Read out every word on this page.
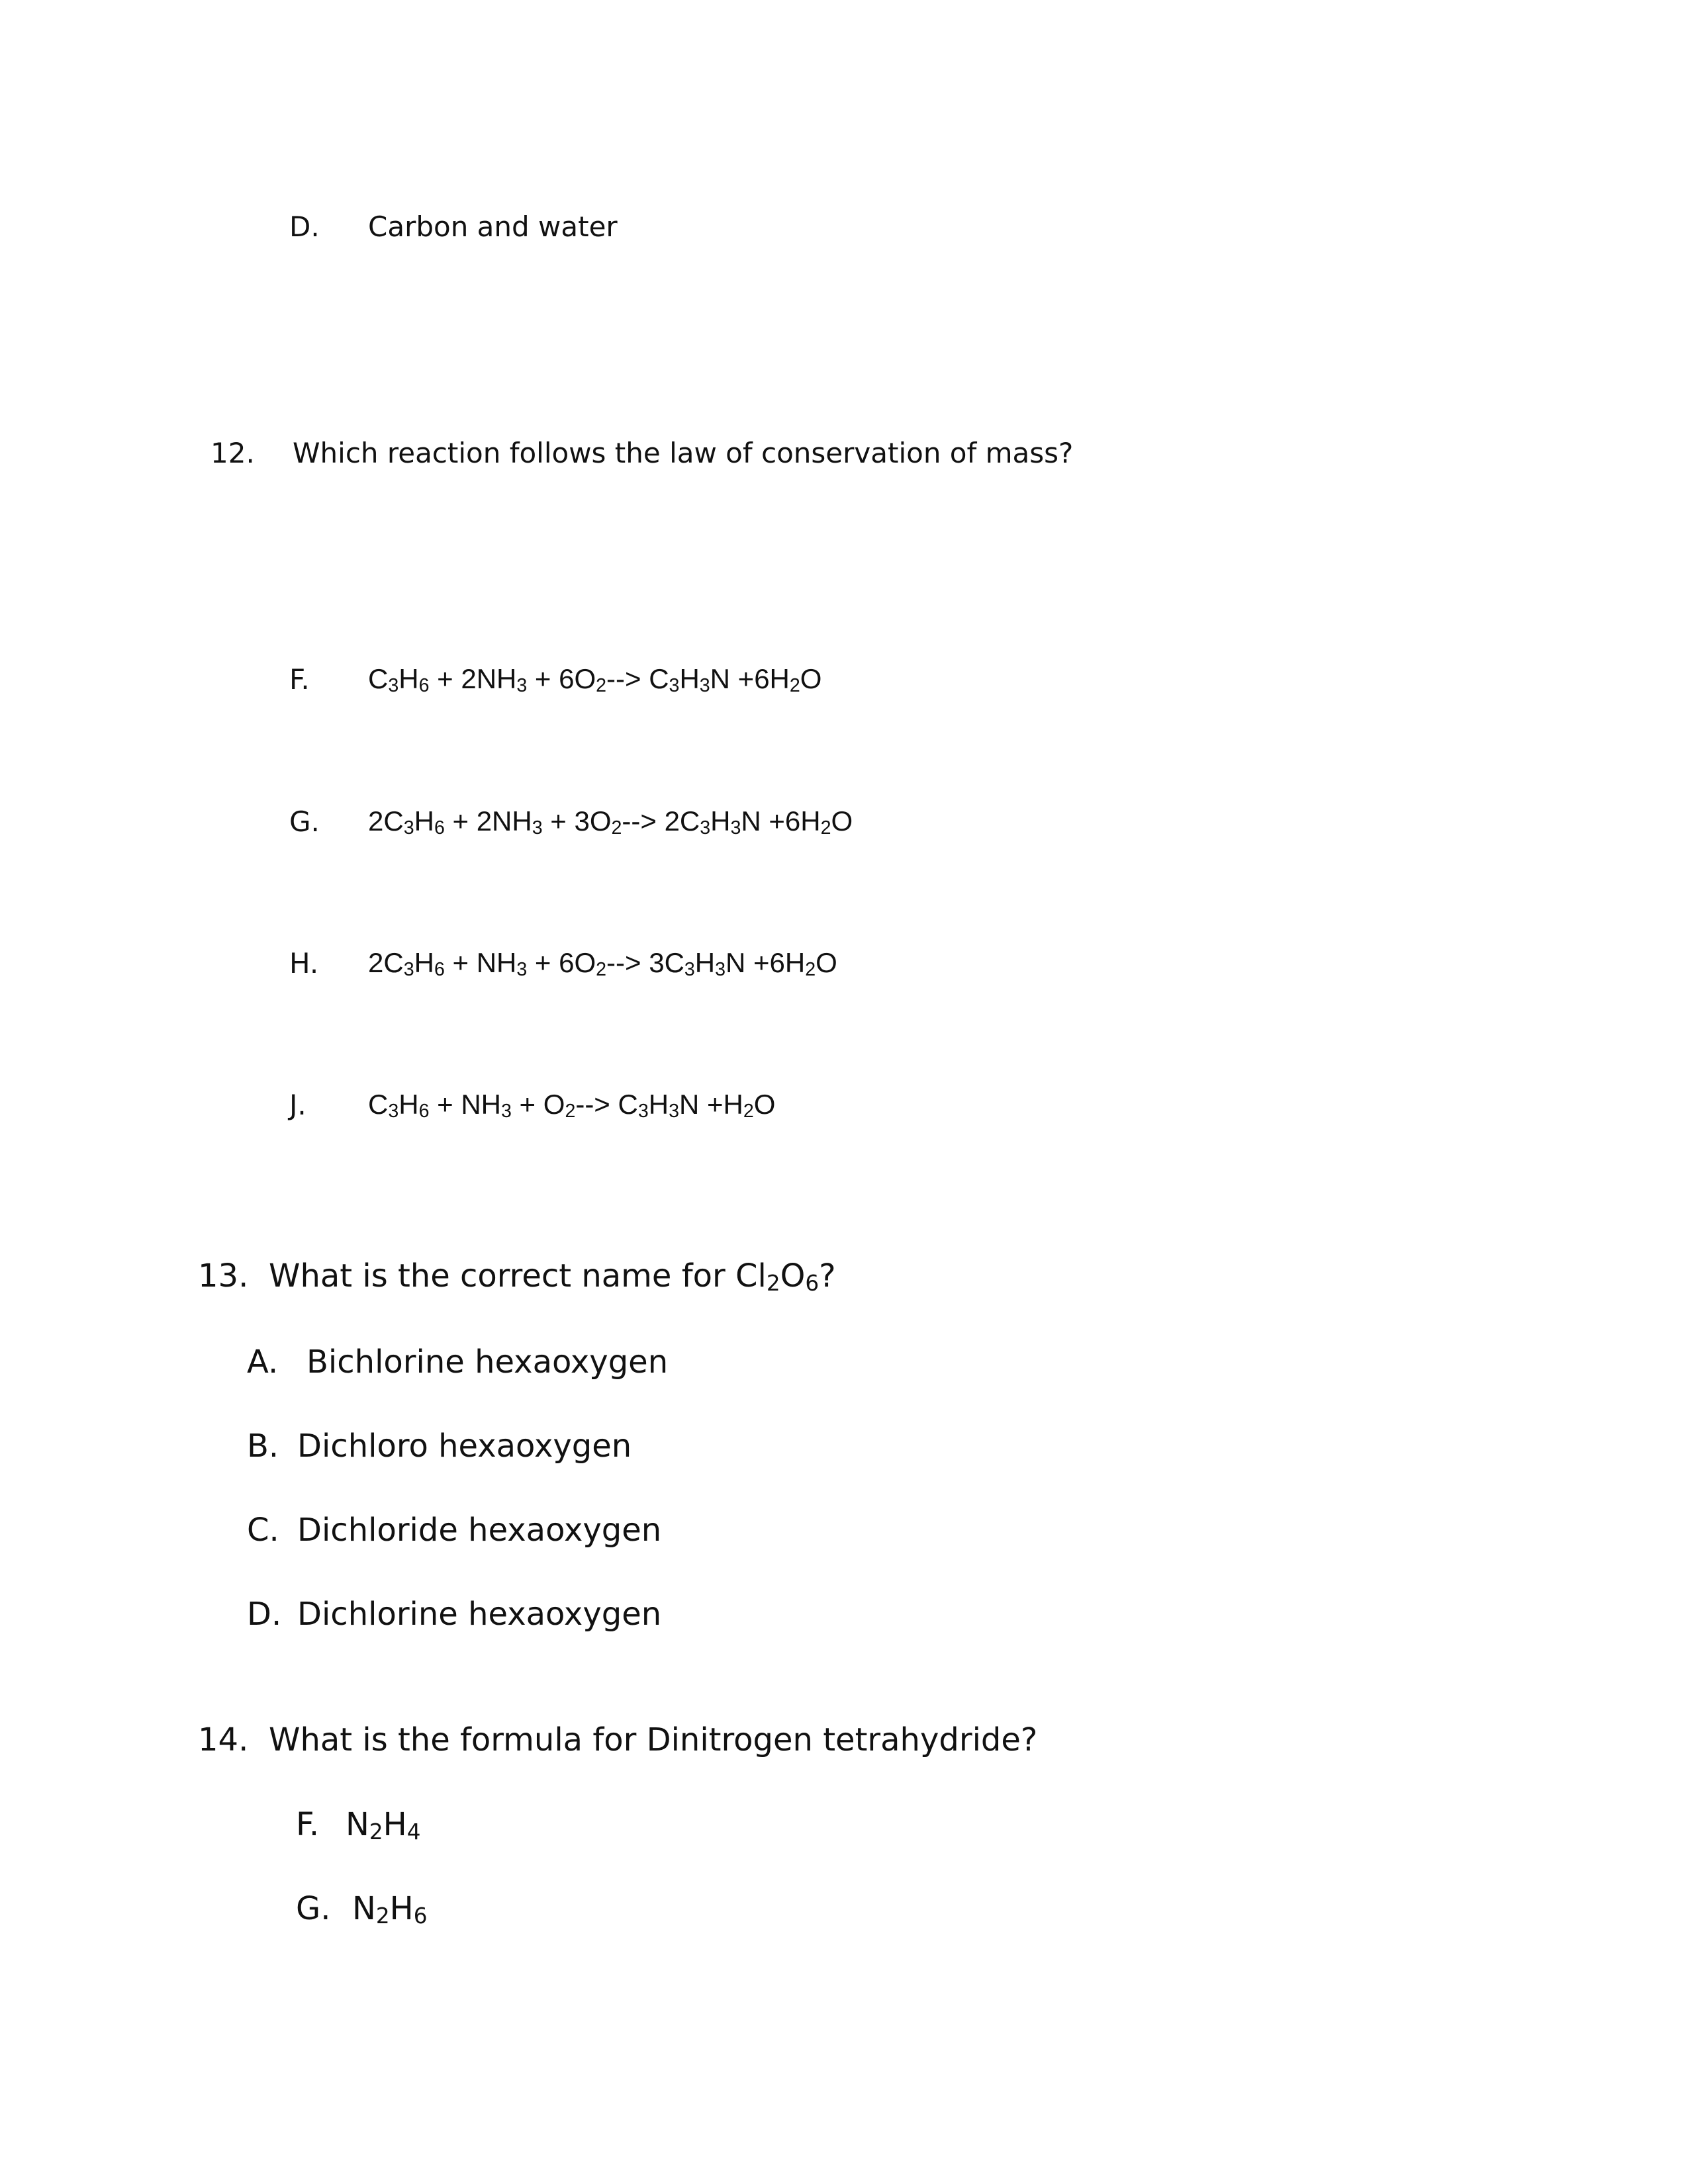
D. Carbon and water
12. Which reaction follows the law of conservation of mass?
F. $C_3H_6 + 2NH_3 + 6O_2--> C_3H_3N +6H_2O$
G. $2C_3H_6 + 2NH_3 + 3O_2--> 2C_3H_3N +6H_2O$
H. $2C_3H_6 + NH_3 + 6O_2--> 3C_3H_3N +6H_2O$
J. $C_3H_6 + NH_3 + O_2--> C_3H_3N +H_2O$
13. What is the correct name for $Cl_2O_6$?
A. Bichlorine hexaoxygen
B. Dichloro hexaoxygen
C. Dichloride hexaoxygen
D. Dichlorine hexaoxygen
14. What is the formula for Dinitrogen tetrahydride?
F. $N_2H_4$
G. $N_2H_6$
